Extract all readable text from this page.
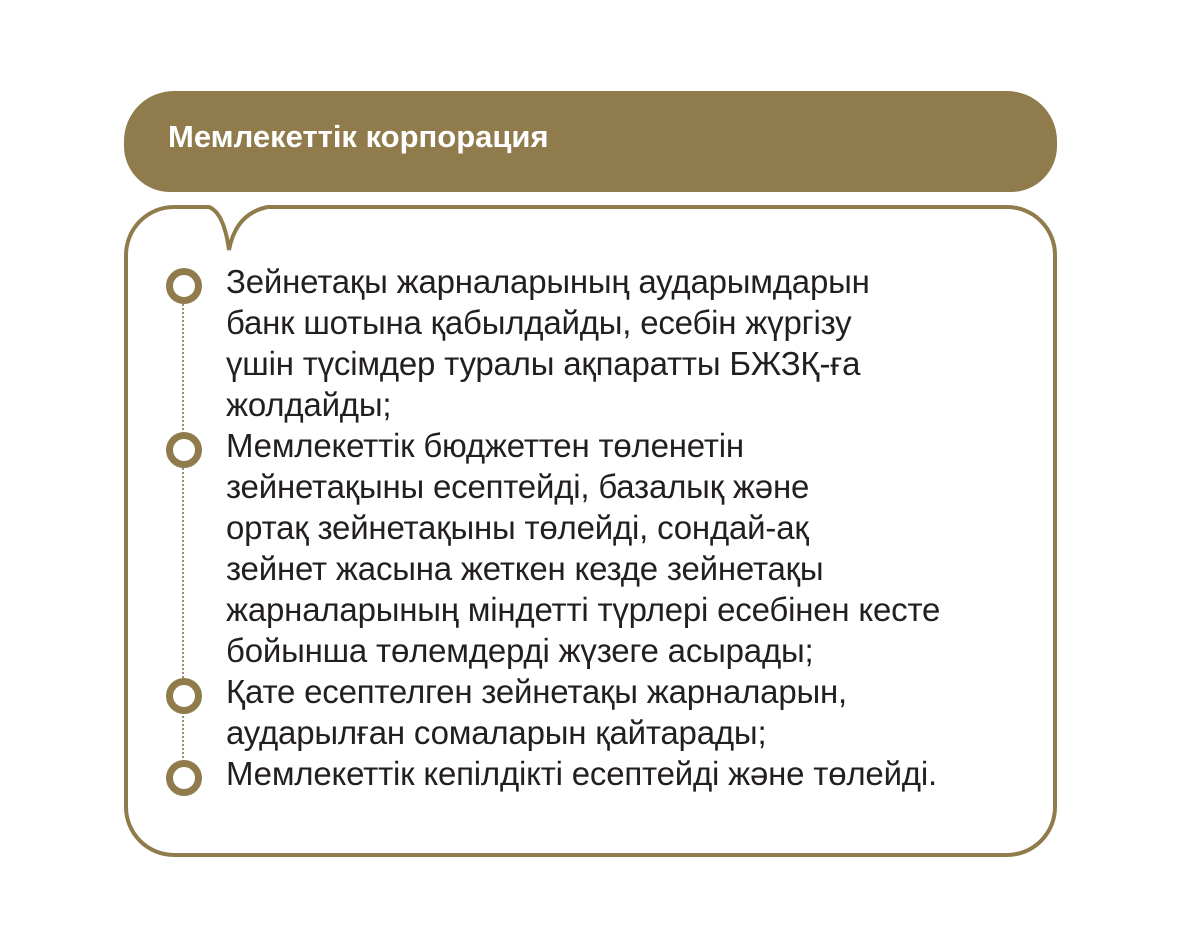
Мемлекеттік корпорация
Зейнетақы жарналарының аударымдарын
банк шотына қабылдайды, есебін жүргізу
үшін түсімдер туралы ақпаратты БЖЗҚ-ға
жолдайды;
Мемлекеттік бюджеттен төленетін
зейнетақыны есептейді, базалық және
ортақ зейнетақыны төлейді, сондай-ақ
зейнет жасына жеткен кезде зейнетақы
жарналарының міндетті түрлері есебінен кесте
бойынша төлемдерді жүзеге асырады;
Қате есептелген зейнетақы жарналарын,
аударылған сомаларын қайтарады;
Мемлекеттік кепілдікті есептейді және төлейді.
